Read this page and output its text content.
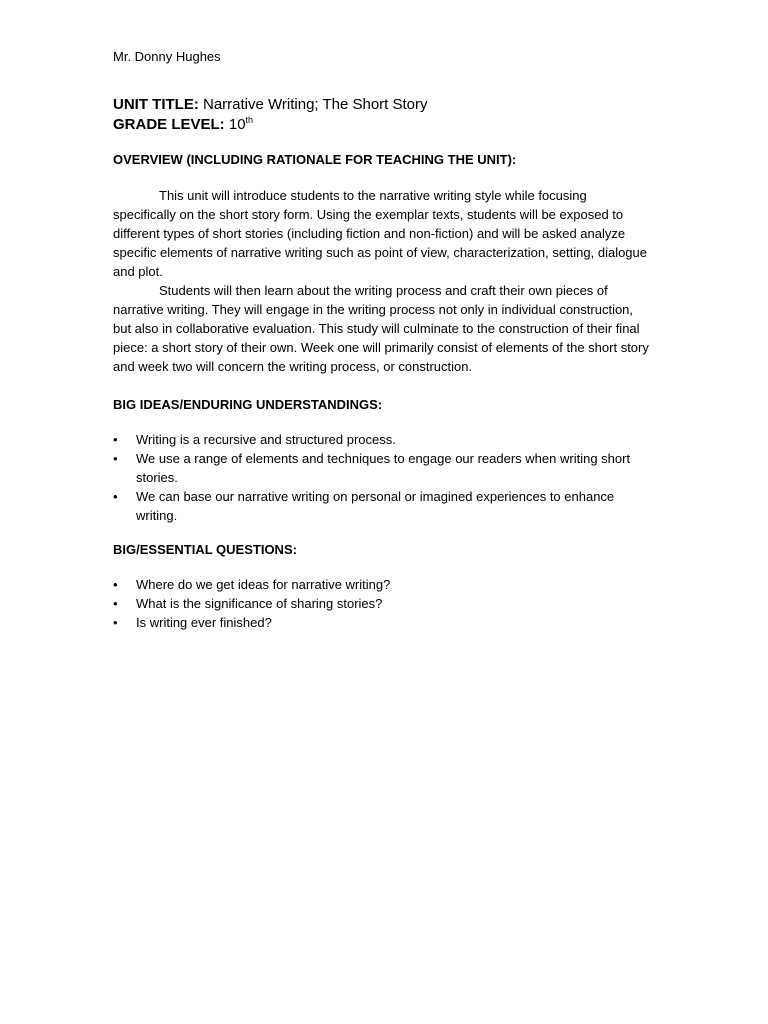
Mr. Donny Hughes

UNIT TITLE: Narrative Writing; The Short Story

GRADE LEVEL: 10th

OVERVIEW (INCLUDING RATIONALE FOR TEACHING THE UNIT):

This unit will introduce students to the narrative writing style while focusing specifically on the short story form. Using the exemplar texts, students will be exposed to different types of short stories (including fiction and non-fiction) and will be asked analyze specific elements of narrative writing such as point of view, characterization, setting, dialogue and plot.

Students will then learn about the writing process and craft their own pieces of narrative writing. They will engage in the writing process not only in individual construction, but also in collaborative evaluation. This study will culminate to the construction of their final piece: a short story of their own. Week one will primarily consist of elements of the short story and week two will concern the writing process, or construction.

BIG IDEAS/ENDURING UNDERSTANDINGS:

• Writing is a recursive and structured process.
• We use a range of elements and techniques to engage our readers when writing short stories.
• We can base our narrative writing on personal or imagined experiences to enhance writing.

BIG/ESSENTIAL QUESTIONS:

• Where do we get ideas for narrative writing?
• What is the significance of sharing stories?
• Is writing ever finished?
